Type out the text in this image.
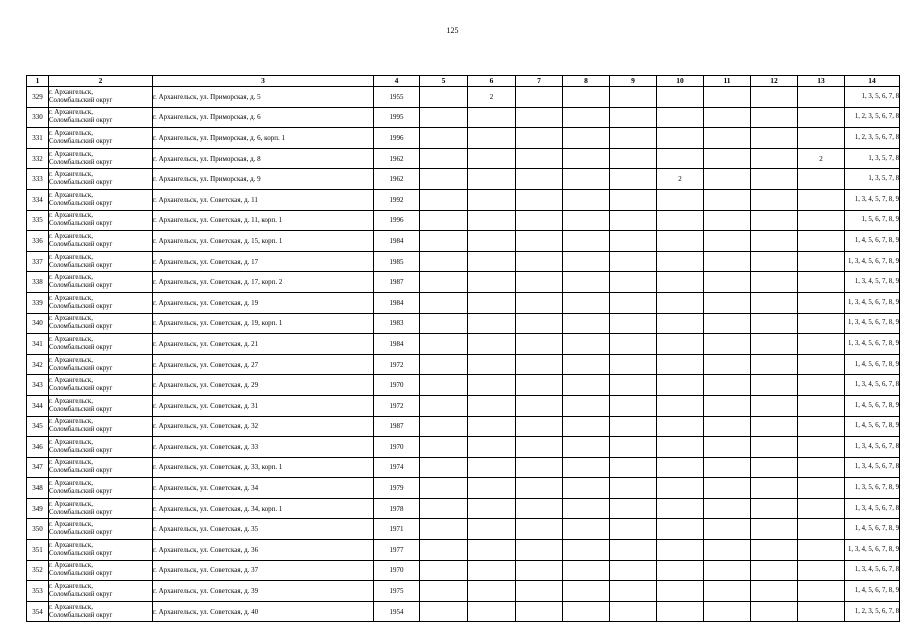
125
1	2	3	4	5	6	7	8	9	10	11	12	13	14
329	г. Архангельск,
Соломбальский округ	г. Архангельск, ул. Приморская, д. 5	1955		2								1, 3, 5, 6, 7, 8
330	г. Архангельск,
Соломбальский округ	г. Архангельск, ул. Приморская, д. 6	1995										1, 2, 3, 5, 6, 7, 8
331	г. Архангельск,
Соломбальский округ	г. Архангельск, ул. Приморская, д. 6, корп. 1	1996										1, 2, 3, 5, 6, 7, 8
332	г. Архангельск,
Соломбальский округ	г. Архангельск, ул. Приморская, д. 8	1962									2	1, 3, 5, 7, 8
333	г. Архангельск,
Соломбальский округ	г. Архангельск, ул. Приморская, д. 9	1962						2				1, 3, 5, 7, 8
334	г. Архангельск,
Соломбальский округ	г. Архангельск, ул. Советская, д. 11	1992										1, 3, 4, 5, 7, 8, 9
335	г. Архангельск,
Соломбальский округ	г. Архангельск, ул. Советская, д. 11, корп. 1	1996										1, 5, 6, 7, 8, 9
336	г. Архангельск,
Соломбальский округ	г. Архангельск, ул. Советская, д. 15, корп. 1	1984										1, 4, 5, 6, 7, 8, 9
337	г. Архангельск,
Соломбальский округ	г. Архангельск, ул. Советская, д. 17	1985										1, 3, 4, 5, 6, 7, 8, 9
338	г. Архангельск,
Соломбальский округ	г. Архангельск, ул. Советская, д. 17, корп. 2	1987										1, 3, 4, 5, 7, 8, 9
339	г. Архангельск,
Соломбальский округ	г. Архангельск, ул. Советская, д. 19	1984										1, 3, 4, 5, 6, 7, 8, 9
340	г. Архангельск,
Соломбальский округ	г. Архангельск, ул. Советская, д. 19, корп. 1	1983										1, 3, 4, 5, 6, 7, 8, 9
341	г. Архангельск,
Соломбальский округ	г. Архангельск, ул. Советская, д. 21	1984										1, 3, 4, 5, 6, 7, 8, 9
342	г. Архангельск,
Соломбальский округ	г. Архангельск, ул. Советская, д. 27	1972										1, 4, 5, 6, 7, 8, 9
343	г. Архангельск,
Соломбальский округ	г. Архангельск, ул. Советская, д. 29	1970										1, 3, 4, 5, 6, 7, 8
344	г. Архангельск,
Соломбальский округ	г. Архангельск, ул. Советская, д. 31	1972										1, 4, 5, 6, 7, 8, 9
345	г. Архангельск,
Соломбальский округ	г. Архангельск, ул. Советская, д. 32	1987										1, 4, 5, 6, 7, 8, 9
346	г. Архангельск,
Соломбальский округ	г. Архангельск, ул. Советская, д. 33	1970										1, 3, 4, 5, 6, 7, 8
347	г. Архангельск,
Соломбальский округ	г. Архангельск, ул. Советская, д. 33, корп. 1	1974										1, 3, 4, 5, 6, 7, 8
348	г. Архангельск,
Соломбальский округ	г. Архангельск, ул. Советская, д. 34	1979										1, 3, 5, 6, 7, 8, 9
349	г. Архангельск,
Соломбальский округ	г. Архангельск, ул. Советская, д. 34, корп. 1	1978										1, 3, 4, 5, 6, 7, 8
350	г. Архангельск,
Соломбальский округ	г. Архангельск, ул. Советская, д. 35	1971										1, 4, 5, 6, 7, 8, 9
351	г. Архангельск,
Соломбальский округ	г. Архангельск, ул. Советская, д. 36	1977										1, 3, 4, 5, 6, 7, 8, 9
352	г. Архангельск,
Соломбальский округ	г. Архангельск, ул. Советская, д. 37	1970										1, 3, 4, 5, 6, 7, 8
353	г. Архангельск,
Соломбальский округ	г. Архангельск, ул. Советская, д. 39	1975										1, 4, 5, 6, 7, 8, 9
354	г. Архангельск,
Соломбальский округ	г. Архангельск, ул. Советская, д. 40	1954										1, 2, 3, 5, 6, 7, 8
